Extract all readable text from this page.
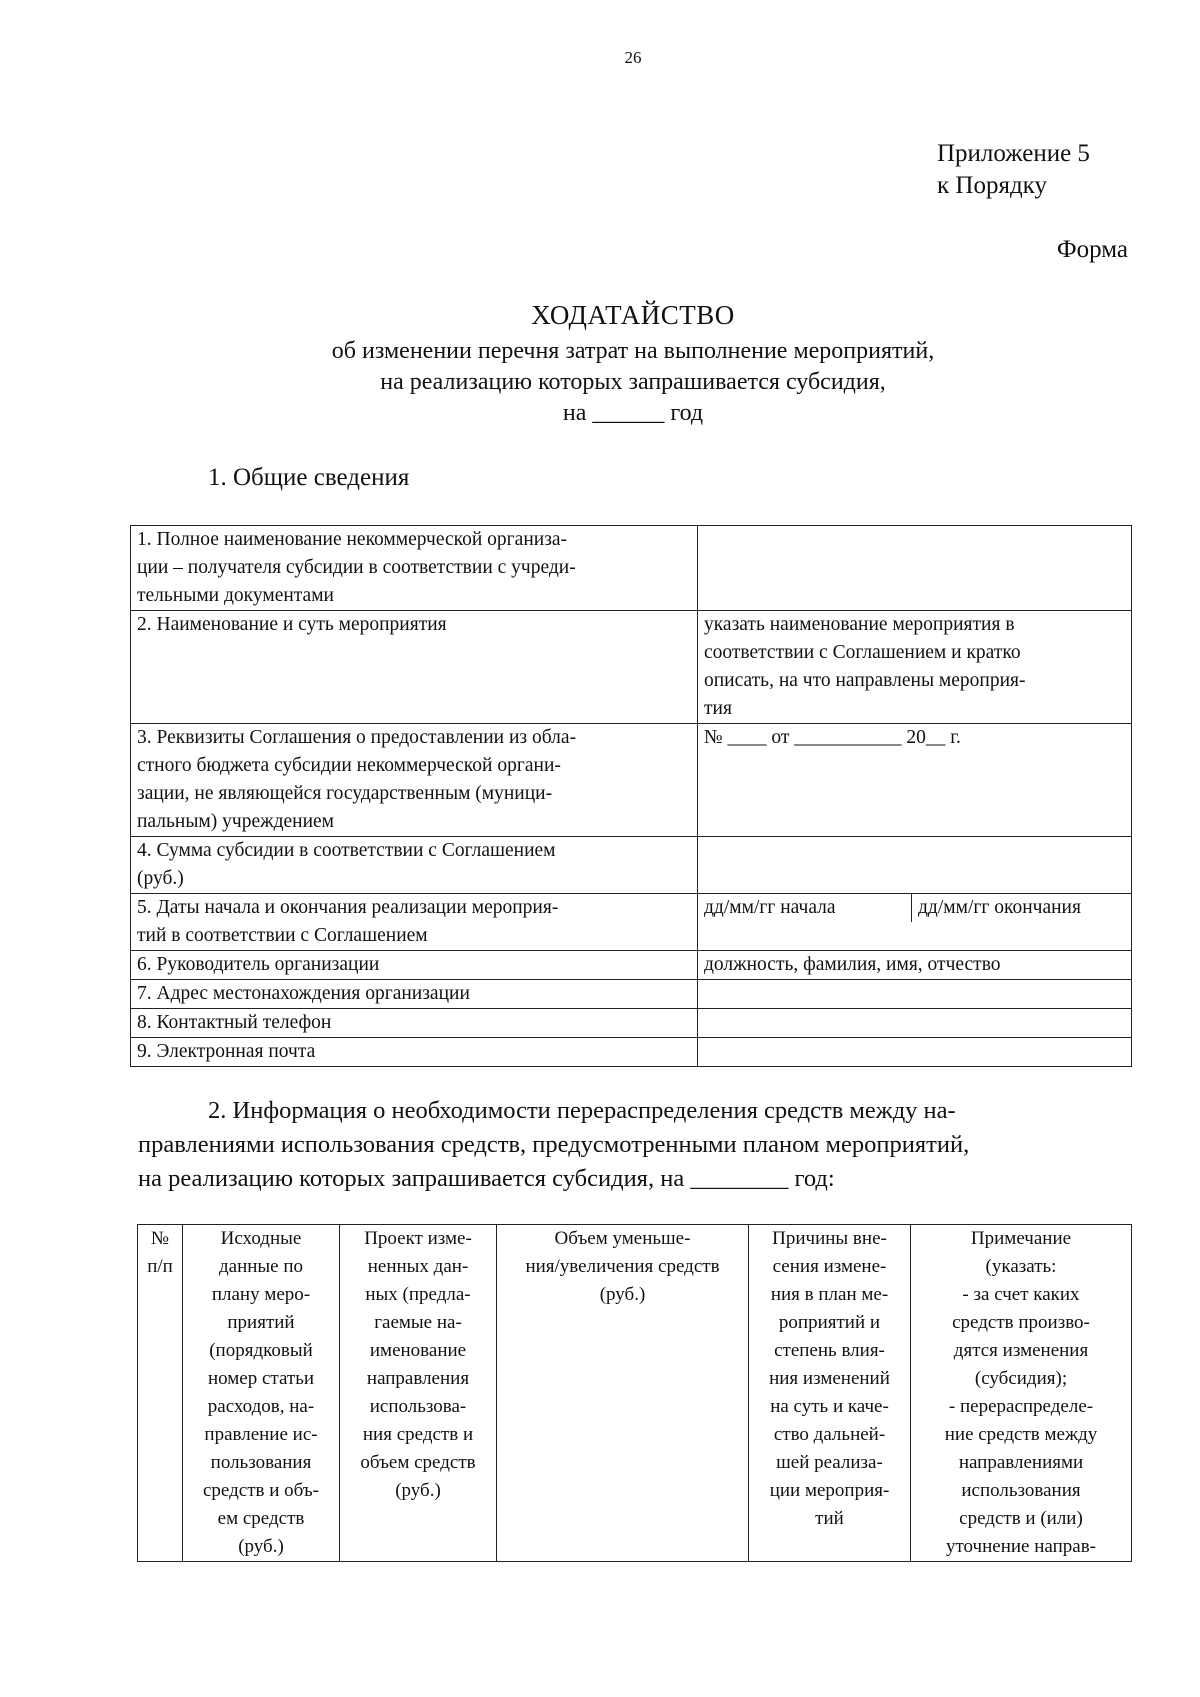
26
Приложение 5
к Порядку
Форма
ХОДАТАЙСТВО
об изменении перечня затрат на выполнение мероприятий,
на реализацию которых запрашивается субсидия,
на ______ год
1. Общие сведения
1. Полное наименование некоммерческой организа-
ции – получателя субсидии в соответствии с учреди-
тельными документами	
2. Наименование и суть мероприятия	указать наименование мероприятия в
соответствии с Соглашением и кратко
описать, на что направлены мероприя-
тия
3. Реквизиты Соглашения о предоставлении из обла-
стного бюджета субсидии некоммерческой органи-
зации, не являющейся государственным (муници-
пальным) учреждением	№ ____ от ___________ 20__ г.
4. Сумма субсидии в соответствии с Соглашением
(руб.)	
5. Даты начала и окончания реализации мероприя-
тий в соответствии с Соглашением	дд/мм/гг начала дд/мм/гг окончания

6. Руководитель организации	должность, фамилия, имя, отчество
7. Адрес местонахождения организации	
8. Контактный телефон	
9. Электронная почта	
2. Информация о необходимости перераспределения средств между на-
правлениями использования средств, предусмотренными планом мероприятий,
на реализацию которых запрашивается субсидия, на ________ год:
№
п/п	Исходные
данные по
плану меро-
приятий
(порядковый
номер статьи
расходов, на-
правление ис-
пользования
средств и объ-
ем средств
(руб.)	Проект изме-
ненных дан-
ных (предла-
гаемые на-
именование
направления
использова-
ния средств и
объем средств
(руб.)	Объем уменьше-
ния/увеличения средств
(руб.)	Причины вне-
сения измене-
ния в план ме-
роприятий и
степень влия-
ния изменений
на суть и каче-
ство дальней-
шей реализа-
ции мероприя-
тий	Примечание
(указать:
- за счет каких
средств произво-
дятся изменения
(субсидия);
- перераспределе-
ние средств между
направлениями
использования
средств и (или)
уточнение направ-
